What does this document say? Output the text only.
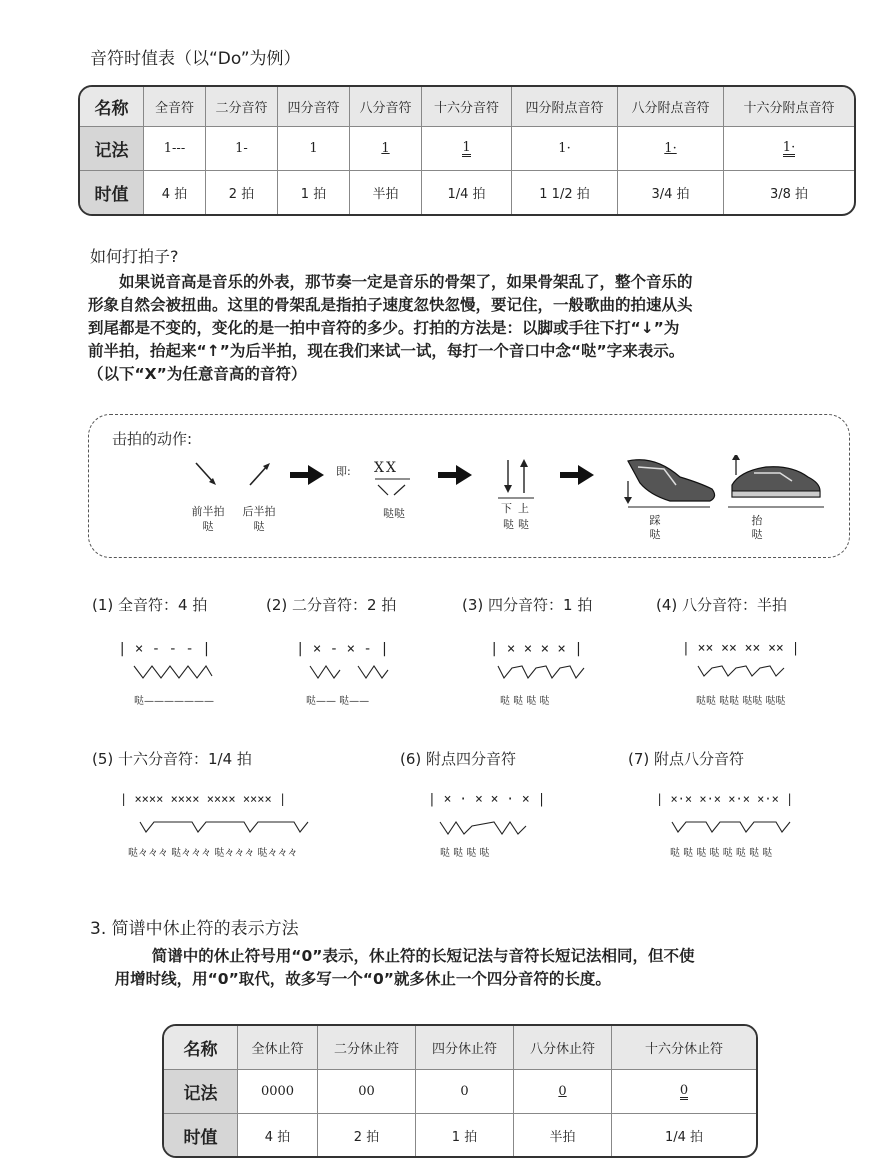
音符时值表（以“Do”为例）
名称	全音符	二分音符	四分音符	八分音符	十六分音符	四分附点音符	八分附点音符	十六分附点音符
记法	1---	1-	1	1	1	1·	1·	1·
时值	4 拍	2 拍	1 拍	半拍	1/4 拍	1 1/2 拍	3/4 拍	3/8 拍
如何打拍子?

如果说音高是音乐的外表，那节奏一定是音乐的骨架了，如果骨架乱了，整个音乐的

形象自然会被扭曲。这里的骨架乱是指拍子速度忽快忽慢，要记住，一般歌曲的拍速从头

到尾都是不变的，变化的是一拍中音符的多少。打拍的方法是：以脚或手往下打“↓”为

前半拍，抬起来“↑”为后半拍，现在我们来试一试，每打一个音口中念“哒”字来表示。

（以下“X”为任意音高的音符）

击拍的动作:
前半拍
哒
后半拍
哒
即: XX
哒哒	下上
哒哒	踩
哒
抬
哒
(1) 全音符：4 拍	(2) 二分音符：2 拍	(3) 四分音符：1 拍	(4) 八分音符：半拍
| × - - - |	| × - × - |	| × × × × |	| ×× ×× ×× ×× |
哒———————	哒—— 哒——	哒 哒 哒 哒	哒哒 哒哒 哒哒 哒哒
(5) 十六分音符：1/4 拍	(6) 附点四分音符	(7) 附点八分音符
| ×××× ×××× ×××× ×××× |	| × · × × · × |	| ×·× ×·× ×·× ×·× |
哒々々々 哒々々々 哒々々々 哒々々々	哒 哒 哒 哒	哒 哒 哒 哒 哒 哒 哒 哒
3. 简谱中休止符的表示方法

简谱中的休止符号用“0”表示，休止符的长短记法与音符长短记法相同，但不使

用增时线，用“0”取代，故多写一个“0”就多休止一个四分音符的长度。

名称	全休止符	二分休止符	四分休止符	八分休止符	十六分休止符
记法	0000	00	0	0	0
时值	4 拍	2 拍	1 拍	半拍	1/4 拍
